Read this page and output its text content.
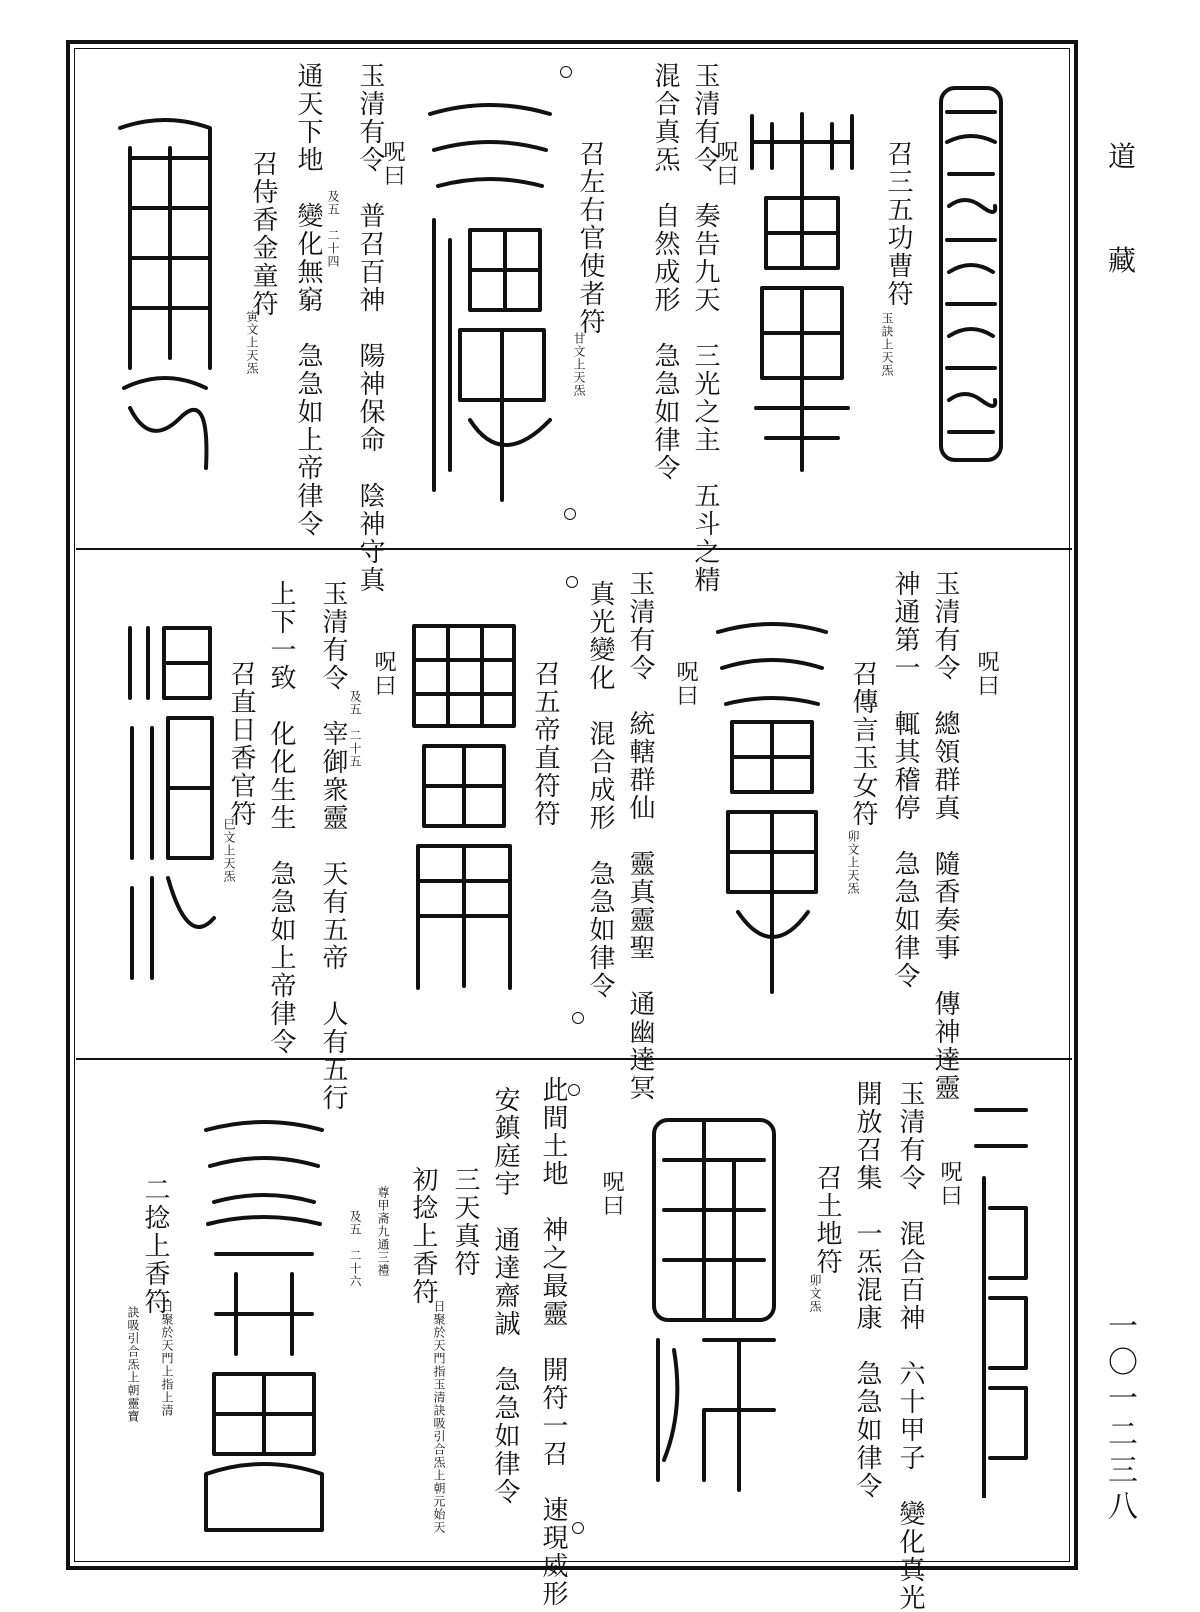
道
藏
一〇一二三八
召三五功曹符
玉訣上天炁
玉清有令　奏告九天　三光之主　五斗之精
混合真炁　自然成形　急急如律令 呪曰
召左右官使者符
甘文上天炁
玉清有令　普召百神　陽神保命　陰神守真
及五　二十四
通天下地　變化無窮　急急如上帝律令	呪曰
召侍香金童符
寅文上天炁
呪曰
玉清有令　總領群真　隨香奏事　傳神達靈
神通第一　輒其稽停　急急如律令
召傳言玉女符
卯文上天炁
呪曰
玉清有令　統轄群仙　靈真靈聖　通幽達冥
真光變化　混合成形　急急如律令
召五帝直符符
呪曰
玉清有令　宰御衆靈　天有五帝　人有五行 及五　二十五
上下一致　化化生生　急急如上帝律令
召直日香官符
巳文上天炁
呪曰
玉清有令　混合百神　六十甲子　變化真光
開放召集　一炁混康　急急如律令
召土地符
卯文炁
呪曰
此間土地　神之最靈　開符一召　速現威形
安鎮庭宇　通達齋誠　急急如律令
三天真符
初捻上香符
日聚於天門指玉清訣吸引合炁上朝元始天
尊甲斋九通三禮
及五　二十六
二捻上香符
日聚於天門上指上清
訣吸引合炁上朝靈寶
